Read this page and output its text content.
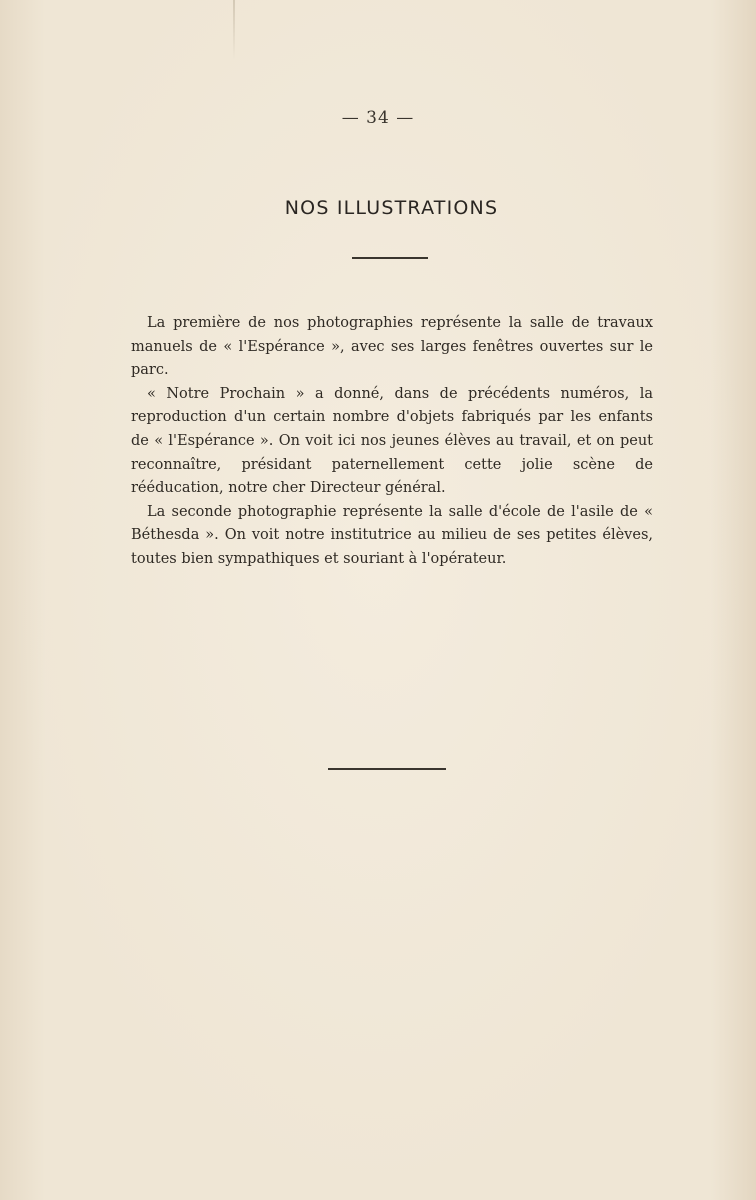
— 34 —
NOS ILLUSTRATIONS

La première de nos photographies représente la salle de travaux manuels de « l'Espérance », avec ses larges fenêtres ouvertes sur le parc.

« Notre Prochain » a donné, dans de précédents numéros, la reproduction d'un certain nombre d'objets fabriqués par les enfants de « l'Espérance ». On voit ici nos jeunes élèves au travail, et on peut reconnaître, présidant paternellement cette jolie scène de rééducation, notre cher Directeur général.

La seconde photographie représente la salle d'école de l'asile de « Béthesda ». On voit notre institutrice au milieu de ses petites élèves, toutes bien sympathiques et souriant à l'opérateur.
